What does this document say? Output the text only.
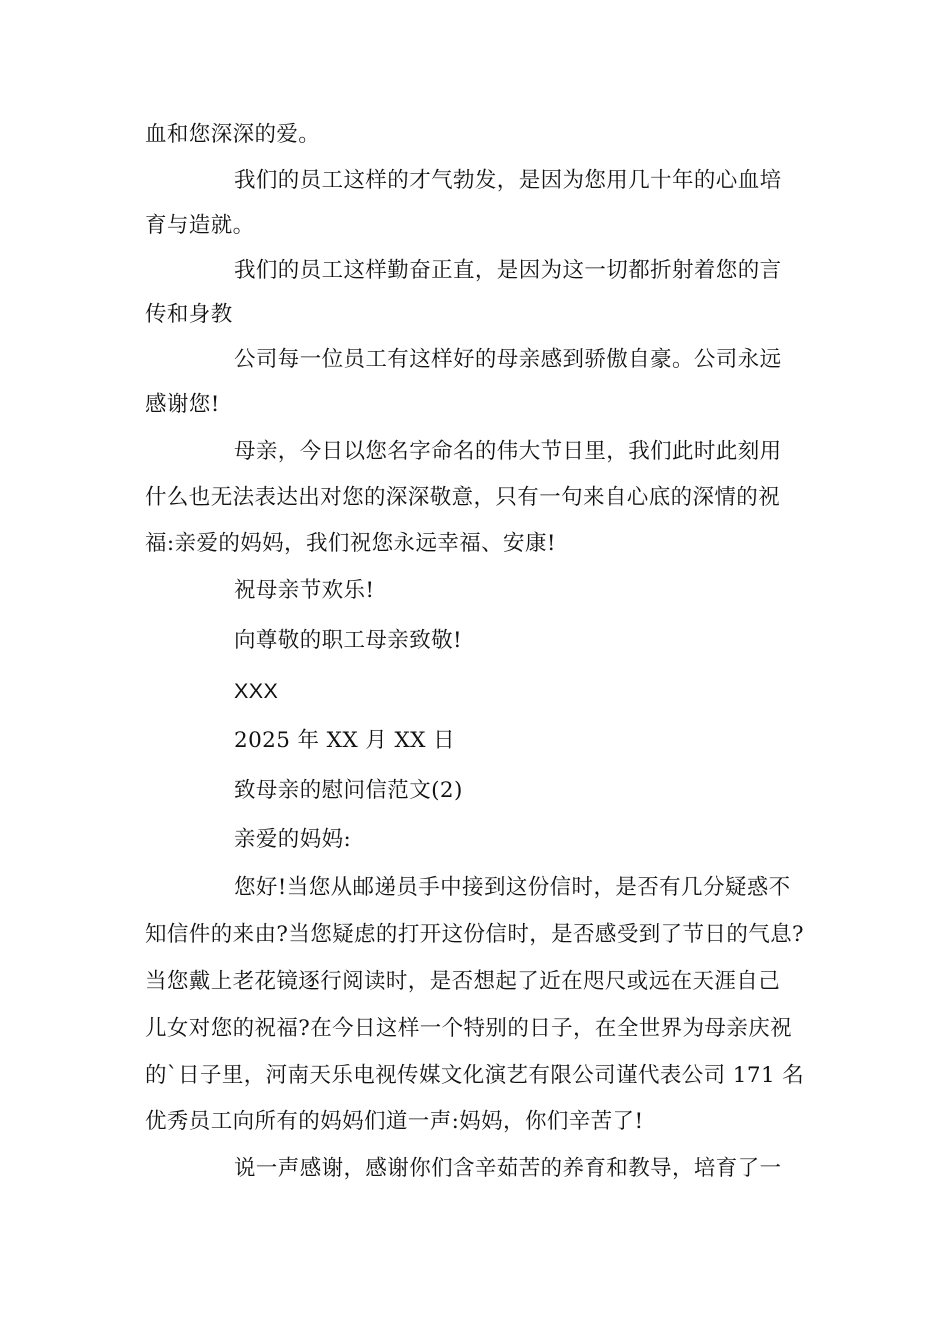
血和您深深的爱。
我们的员工这样的才气勃发，是因为您用几十年的心血培
育与造就。
我们的员工这样勤奋正直，是因为这一切都折射着您的言
传和身教
公司每一位员工有这样好的母亲感到骄傲自豪。公司永远
感谢您!
母亲，今日以您名字命名的伟大节日里，我们此时此刻用
什么也无法表达出对您的深深敬意，只有一句来自心底的深情的祝
福:亲爱的妈妈，我们祝您永远幸福、安康!
祝母亲节欢乐!
向尊敬的职工母亲致敬!
XXX
2025 年 XX 月 XX 日
致母亲的慰问信范文(2)
亲爱的妈妈:
您好!当您从邮递员手中接到这份信时，是否有几分疑惑不
知信件的来由?当您疑虑的打开这份信时，是否感受到了节日的气息?
当您戴上老花镜逐行阅读时，是否想起了近在咫尺或远在天涯自己
儿女对您的祝福?在今日这样一个特别的日子，在全世界为母亲庆祝
的`日子里，河南天乐电视传媒文化演艺有限公司谨代表公司 171 名
优秀员工向所有的妈妈们道一声:妈妈，你们辛苦了!
说一声感谢，感谢你们含辛茹苦的养育和教导，培育了一
